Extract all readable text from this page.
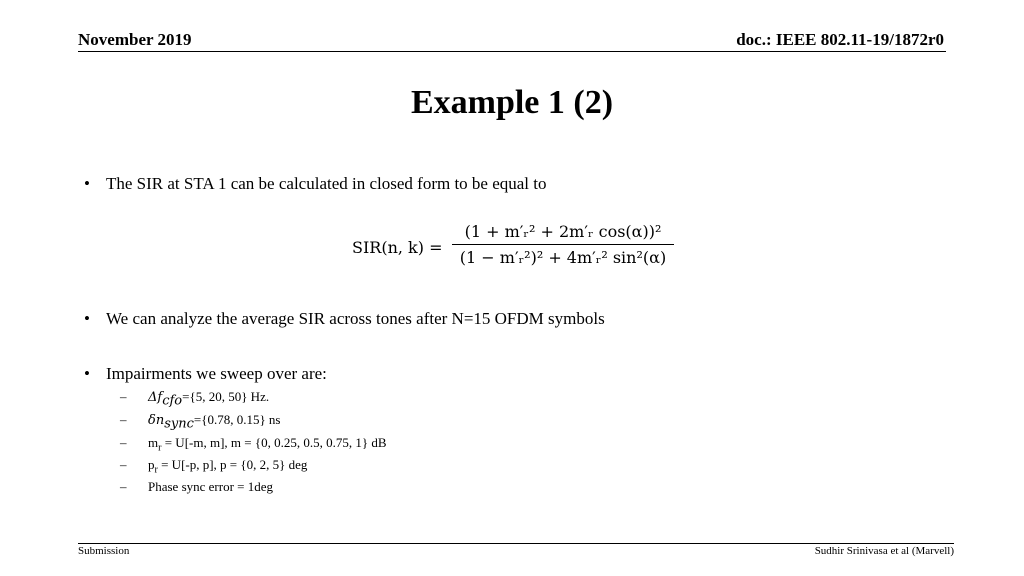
November 2019	doc.: IEEE 802.11-19/1872r0
Example 1 (2)
• The SIR at STA 1 can be calculated in closed form to be equal to
SIR(n, k) =
(1 + m′ᵣ² + 2m′ᵣ cos(α))²
(1 − m′ᵣ²)² + 4m′ᵣ² sin²(α)
• We can analyze the average SIR across tones after N=15 OFDM symbols
• Impairments we sweep over are:
– $\Delta f_{cfo}=\{5$, 20, 50} Hz.
– $\delta n_{sync}=\{0.78$, 0.15} ns
– $m_r = U[-m$, m], m = {0, 0.25, 0.5, 0.75, 1} dB
– $p_r = U[-p$, p], p = {0, 2, 5} deg
– Phase sync error = 1deg
Submission	Sudhir Srinivasa et al (Marvell)
